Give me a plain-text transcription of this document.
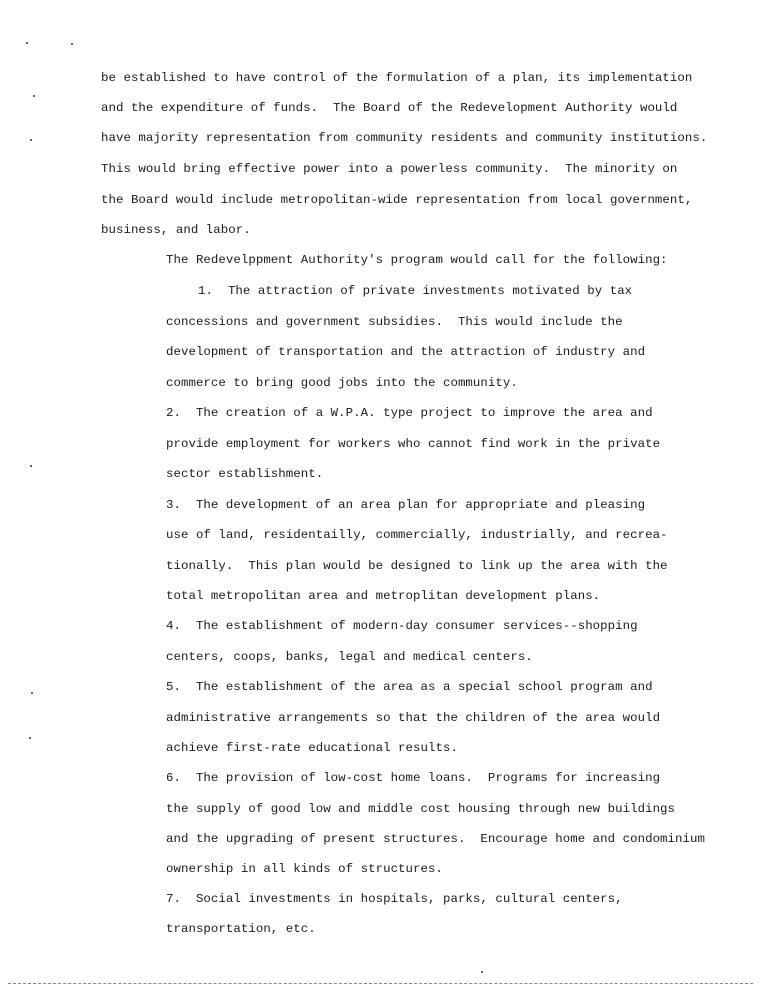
be established to have control of the formulation of a plan, its implementation
and the expenditure of funds.  The Board of the Redevelopment Authority would
have majority representation from community residents and community institutions.
This would bring effective power into a powerless community.  The minority on
the Board would include metropolitan-wide representation from local government,
business, and labor.
The Redevelppment Authority's program would call for the following:
1.  The attraction of private investments motivated by tax
concessions and government subsidies.  This would include the
development of transportation and the attraction of industry and
commerce to bring good jobs into the community.
2.  The creation of a W.P.A. type project to improve the area and
provide employment for workers who cannot find work in the private
sector establishment.
3.  The development of an area plan for appropriate and pleasing
use of land, residentailly, commercially, industrially, and recrea-
tionally.  This plan would be designed to link up the area with the
total metropolitan area and metroplitan development plans.
4.  The establishment of modern-day consumer services--shopping
centers, coops, banks, legal and medical centers.
5.  The establishment of the area as a special school program and
administrative arrangements so that the children of the area would
achieve first-rate educational results.
6.  The provision of low-cost home loans.  Programs for increasing
the supply of good low and middle cost housing through new buildings
and the upgrading of present structures.  Encourage home and condominium
ownership in all kinds of structures.
7.  Social investments in hospitals, parks, cultural centers,
transportation, etc.
